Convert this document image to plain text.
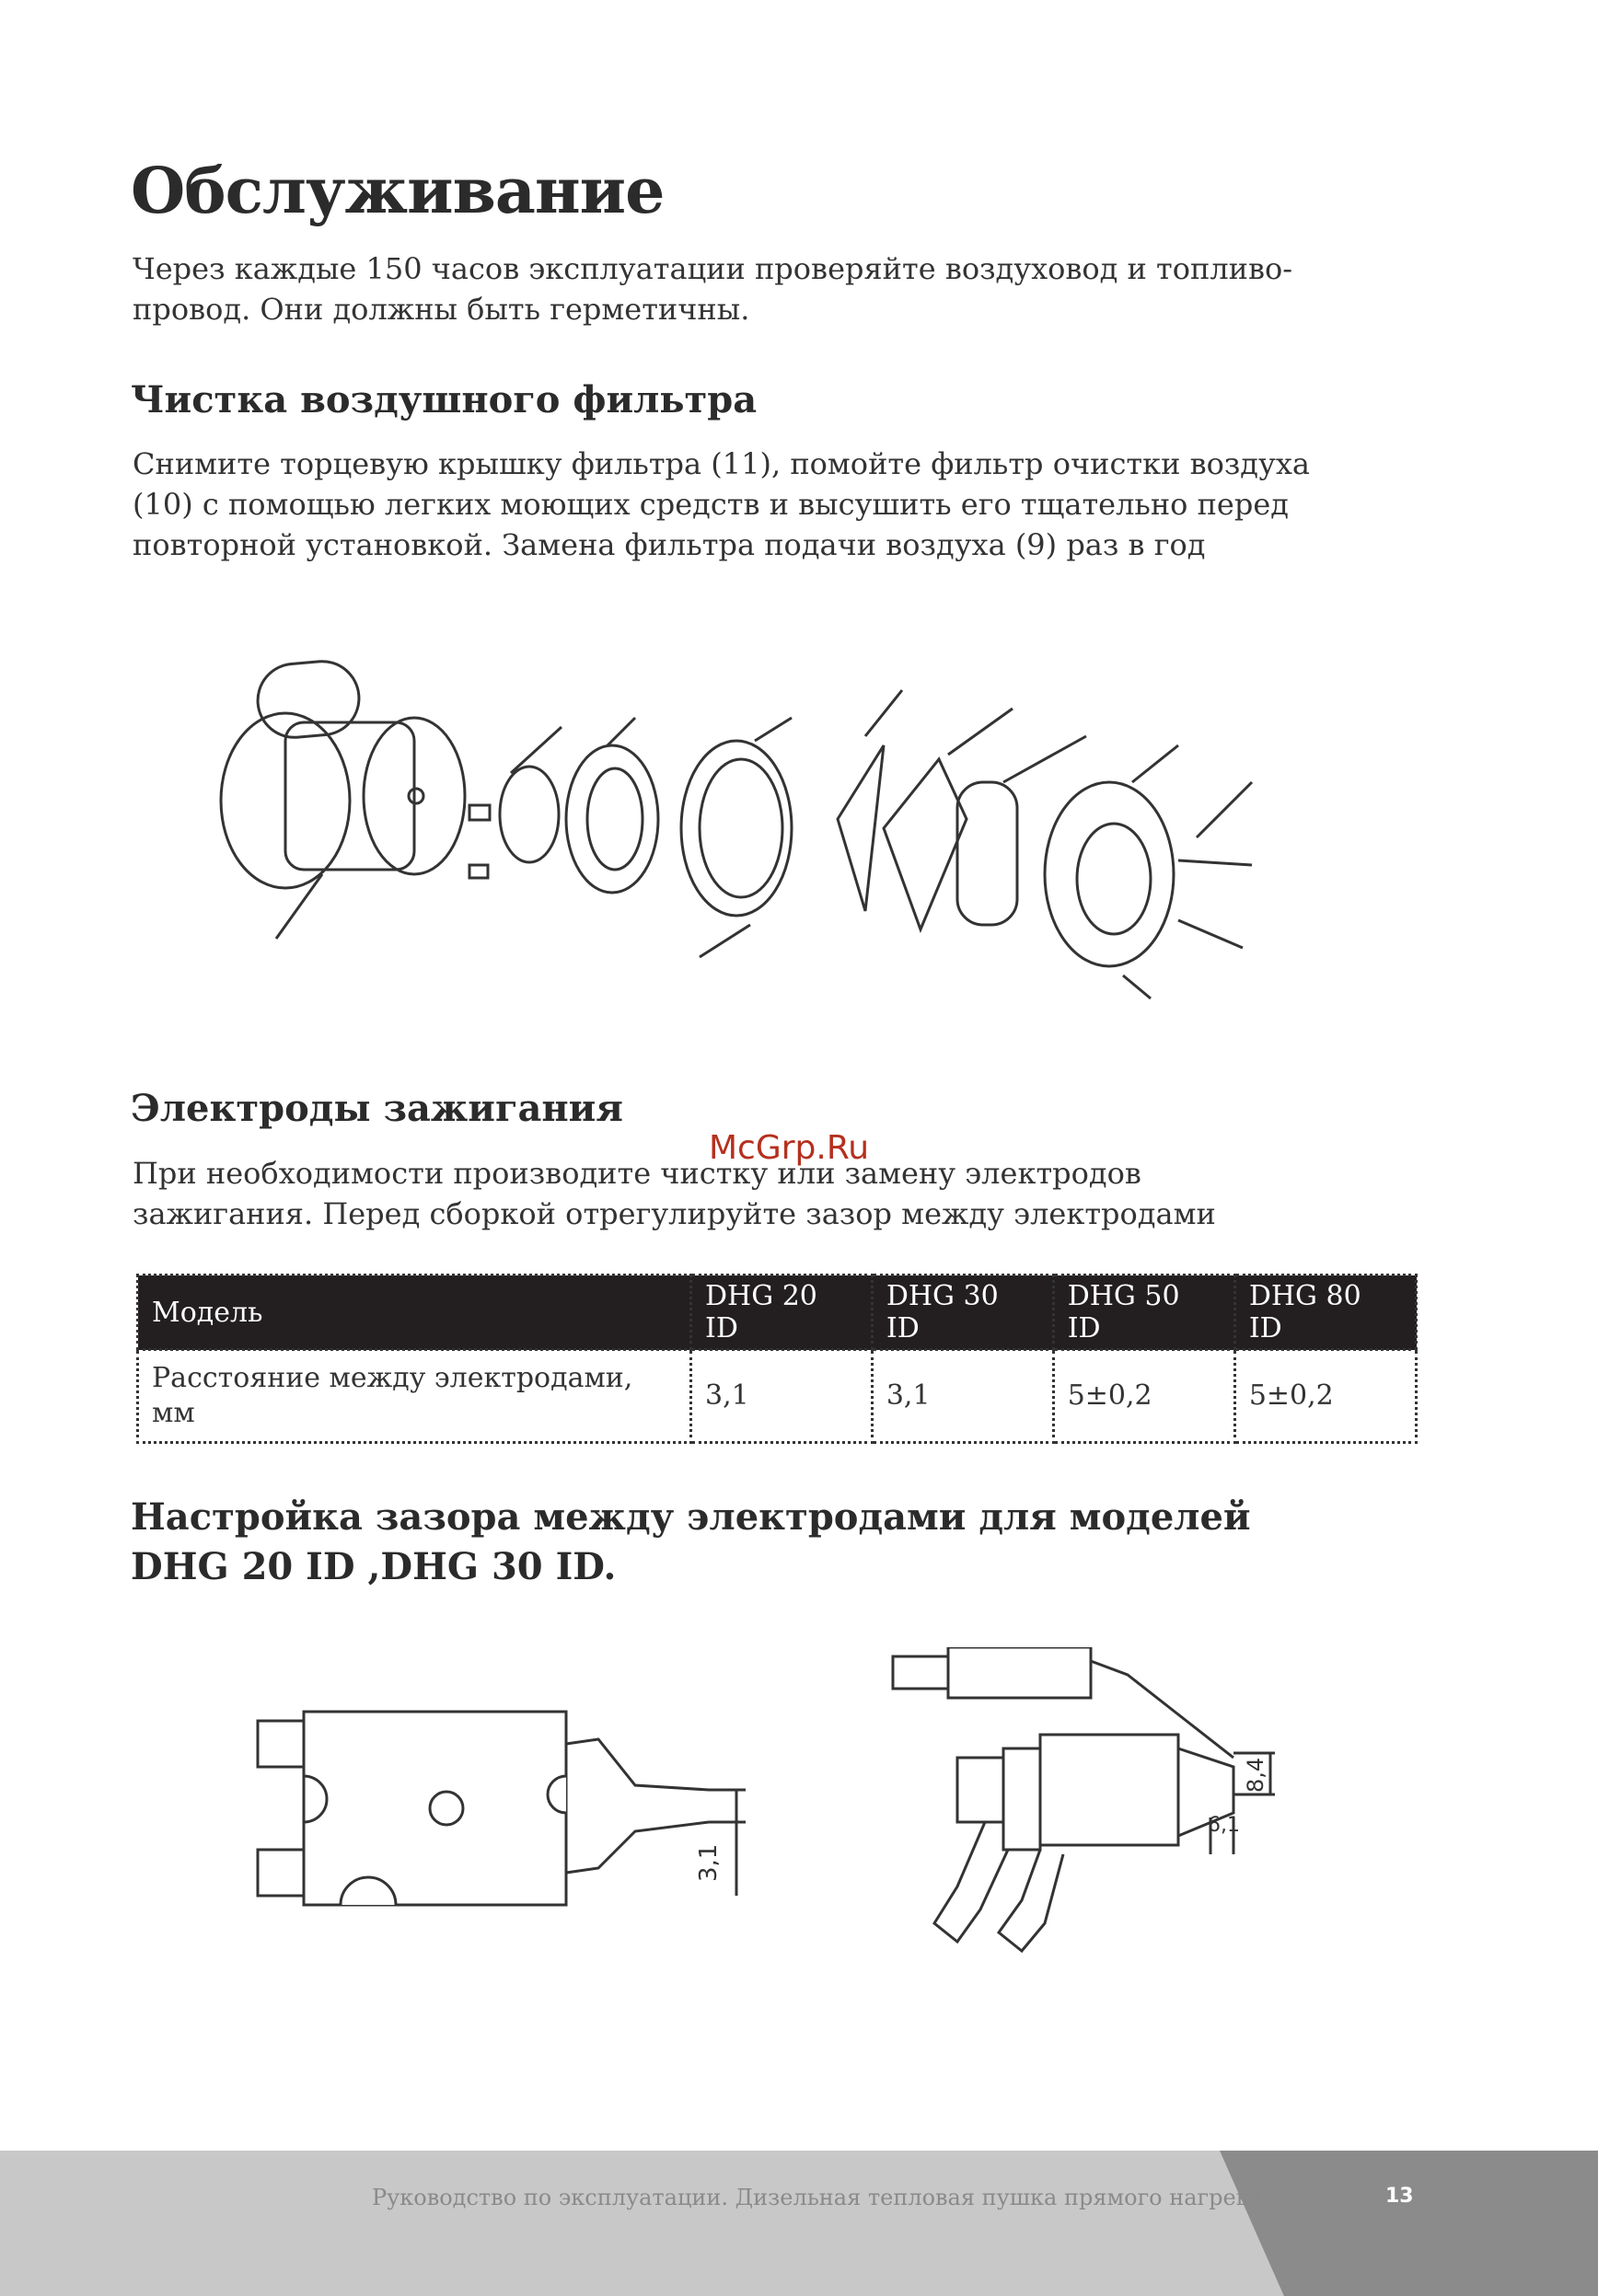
Обслуживание

Через каждые 150 часов эксплуатации проверяйте воздуховод и топливо-
провод. Они должны быть герметичны.

Чистка воздушного фильтра

Снимите торцевую крышку фильтра (11), помойте фильтр очистки воздуха
(10) с помощью легких моющих средств и высушить его тщательно перед
повторной установкой. Замена фильтра подачи воздуха (9) раз в год

Электроды зажигания
McGrp.Ru

При необходимости производите чистку или замену электродов
зажигания. Перед сборкой отрегулируйте зазор между электродами

Модель	DHG 20 ID	DHG 30 ID	DHG 50 ID	DHG 80 ID
Расстояние между электродами,
мм	3,1	3,1	5±0,2	5±0,2
Настройка зазора между электродами для моделей
DHG 20 ID ,DHG 30 ID.
3,1
8,4
6,1
Руководство по эксплуатации. Дизельная тепловая пушка прямого нагрева	13
